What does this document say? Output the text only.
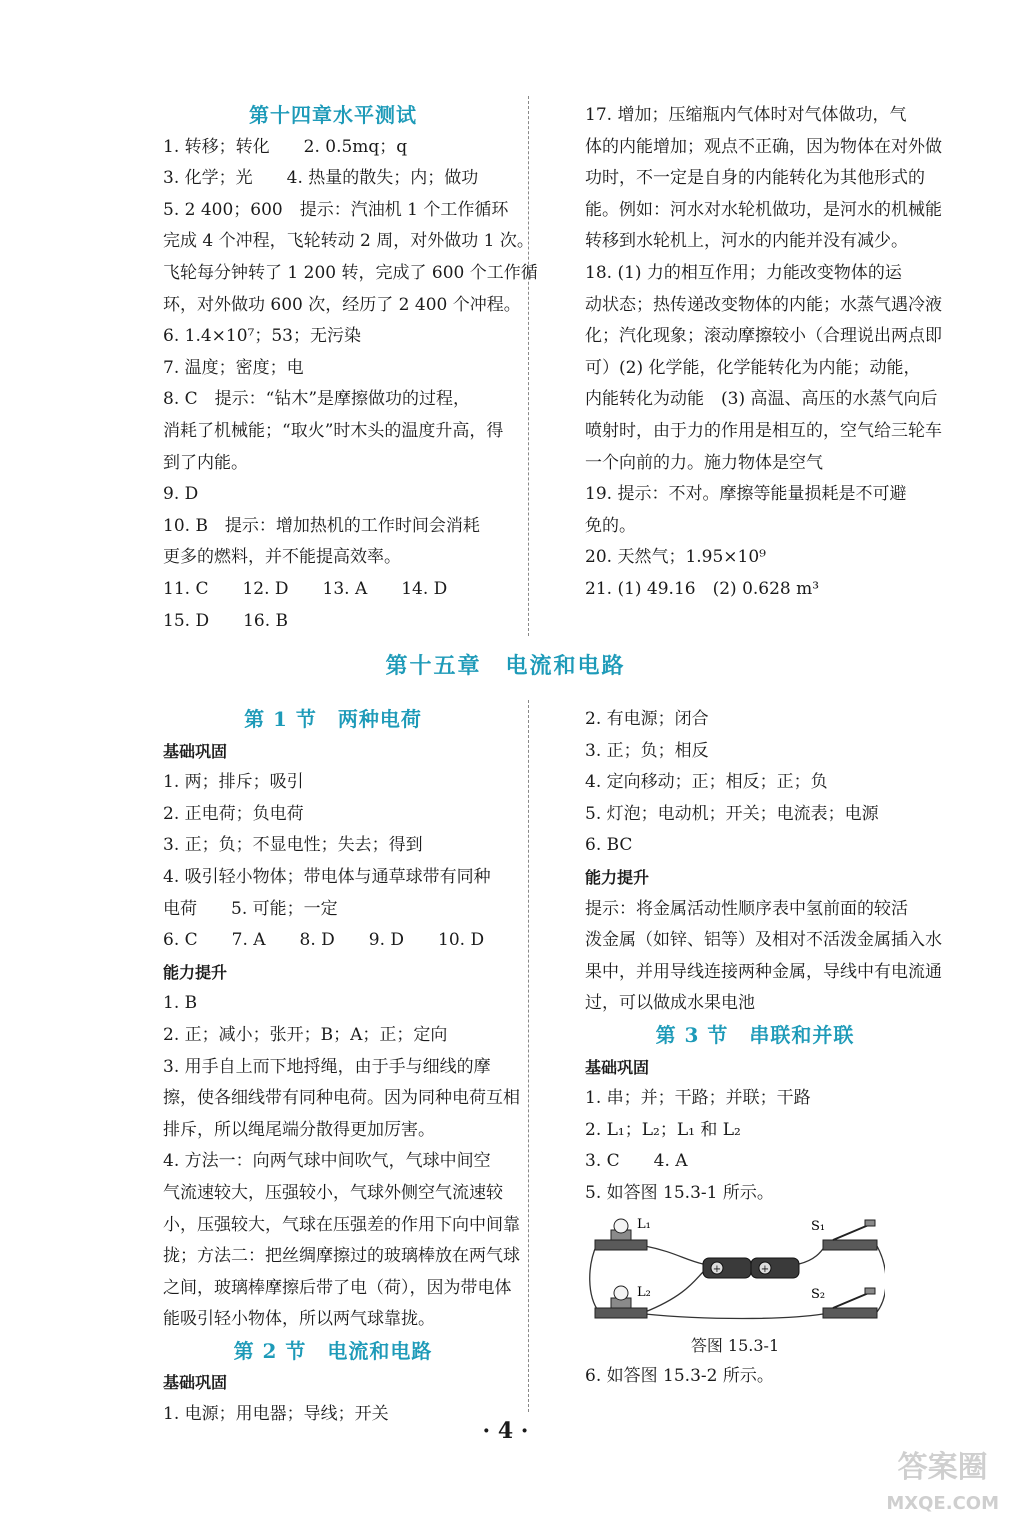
第十四章水平测试
1. 转移；转化　　2. 0.5mq；q
3. 化学；光　　4. 热量的散失；内；做功
5. 2 400；600　提示：汽油机 1 个工作循环
完成 4 个冲程，飞轮转动 2 周，对外做功 1 次。
飞轮每分钟转了 1 200 转，完成了 600 个工作循
环，对外做功 600 次，经历了 2 400 个冲程。
6. 1.4×10⁷；53；无污染
7. 温度；密度；电
8. C　提示：“钻木”是摩擦做功的过程，
消耗了机械能；“取火”时木头的温度升高，得
到了内能。
9. D
10. B　提示：增加热机的工作时间会消耗
更多的燃料，并不能提高效率。
11. C　　12. D　　13. A　　14. D
15. D　　16. B
17. 增加；压缩瓶内气体时对气体做功，气
体的内能增加；观点不正确，因为物体在对外做
功时，不一定是自身的内能转化为其他形式的
能。例如：河水对水轮机做功，是河水的机械能
转移到水轮机上，河水的内能并没有减少。
18. (1) 力的相互作用；力能改变物体的运
动状态；热传递改变物体的内能；水蒸气遇冷液
化；汽化现象；滚动摩擦较小（合理说出两点即
可）(2) 化学能，化学能转化为内能；动能，
内能转化为动能　(3) 高温、高压的水蒸气向后
喷射时，由于力的作用是相互的，空气给三轮车
一个向前的力。施力物体是空气
19. 提示：不对。摩擦等能量损耗是不可避
免的。
20. 天然气；1.95×10⁹
21. (1) 49.16　(2) 0.628 m³
第十五章　电流和电路
第 1 节　两种电荷
基础巩固
1. 两；排斥；吸引
2. 正电荷；负电荷
3. 正；负；不显电性；失去；得到
4. 吸引轻小物体；带电体与通草球带有同种
电荷　　5. 可能；一定
6. C　　7. A　　8. D　　9. D　　10. D
能力提升
1. B
2. 正；减小；张开；B；A；正；定向
3. 用手自上而下地捋绳，由于手与细线的摩
擦，使各细线带有同种电荷。因为同种电荷互相
排斥，所以绳尾端分散得更加厉害。
4. 方法一：向两气球中间吹气，气球中间空
气流速较大，压强较小，气球外侧空气流速较
小，压强较大，气球在压强差的作用下向中间靠
拢；方法二：把丝绸摩擦过的玻璃棒放在两气球
之间，玻璃棒摩擦后带了电（荷），因为带电体
能吸引轻小物体，所以两气球靠拢。
第 2 节　电流和电路
基础巩固
1. 电源；用电器；导线；开关
2. 有电源；闭合
3. 正；负；相反
4. 定向移动；正；相反；正；负
5. 灯泡；电动机；开关；电流表；电源
6. BC
能力提升
提示：将金属活动性顺序表中氢前面的较活
泼金属（如锌、铝等）及相对不活泼金属插入水
果中，并用导线连接两种金属，导线中有电流通
过，可以做成水果电池
第 3 节　串联和并联
基础巩固
1. 串；并；干路；并联；干路
2. L₁；L₂；L₁ 和 L₂
3. C　　4. A
5. 如答图 15.3-1 所示。
+	+
L₁
L₂
S₁
S₂
答图 15.3-1
6. 如答图 15.3-2 所示。
· 4 ·
答案圈
MXQE.COM
